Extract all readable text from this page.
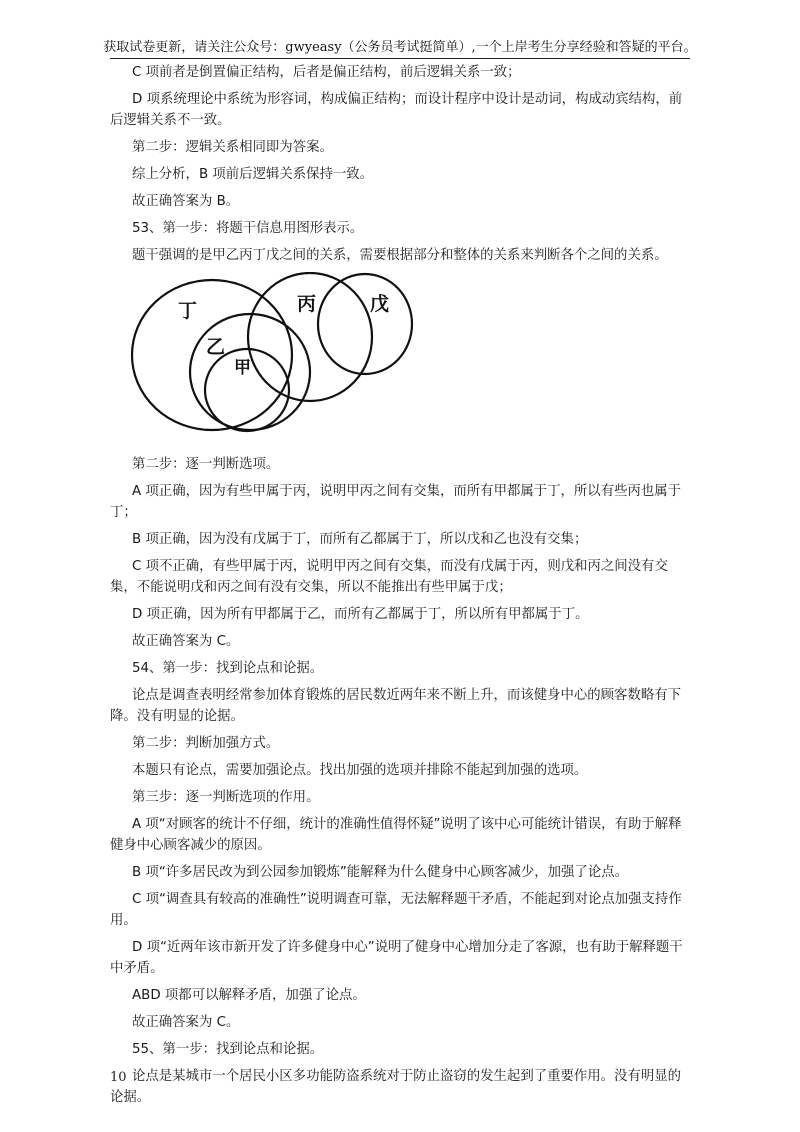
获取试卷更新，请关注公众号：gwyeasy（公务员考试挺简单）,一个上岸考生分享经验和答疑的平台。

C 项前者是倒置偏正结构，后者是偏正结构，前后逻辑关系一致；

D 项系统理论中系统为形容词，构成偏正结构；而设计程序中设计是动词，构成动宾结构，前后逻辑关系不一致。

第二步：逻辑关系相同即为答案。

综上分析，B 项前后逻辑关系保持一致。

故正确答案为 B。

53、第一步：将题干信息用图形表示。

题干强调的是甲乙丙丁戊之间的关系，需要根据部分和整体的关系来判断各个之间的关系。

丁
乙
甲
丙	戊

第二步：逐一判断选项。

A 项正确，因为有些甲属于丙，说明甲丙之间有交集，而所有甲都属于丁，所以有些丙也属于丁；

B 项正确，因为没有戊属于丁，而所有乙都属于丁，所以戊和乙也没有交集；

C 项不正确，有些甲属于丙，说明甲丙之间有交集，而没有戊属于丙，则戊和丙之间没有交集，不能说明戊和丙之间有没有交集，所以不能推出有些甲属于戊；

D 项正确，因为所有甲都属于乙，而所有乙都属于丁，所以所有甲都属于丁。

故正确答案为 C。

54、第一步：找到论点和论据。

论点是调查表明经常参加体育锻炼的居民数近两年来不断上升，而该健身中心的顾客数略有下降。没有明显的论据。

第二步：判断加强方式。

本题只有论点，需要加强论点。找出加强的选项并排除不能起到加强的选项。

第三步：逐一判断选项的作用。

A 项“对顾客的统计不仔细，统计的准确性值得怀疑”说明了该中心可能统计错误，有助于解释健身中心顾客减少的原因。

B 项“许多居民改为到公园参加锻炼”能解释为什么健身中心顾客减少，加强了论点。

C 项“调查具有较高的准确性”说明调查可靠，无法解释题干矛盾，不能起到对论点加强支持作用。

D 项“近两年该市新开发了许多健身中心”说明了健身中心增加分走了客源，也有助于解释题干中矛盾。

ABD 项都可以解释矛盾，加强了论点。

故正确答案为 C。

55、第一步：找到论点和论据。

论点是某城市一个居民小区多功能防盗系统对于防止盗窃的发生起到了重要作用。没有明显的论据。

10
